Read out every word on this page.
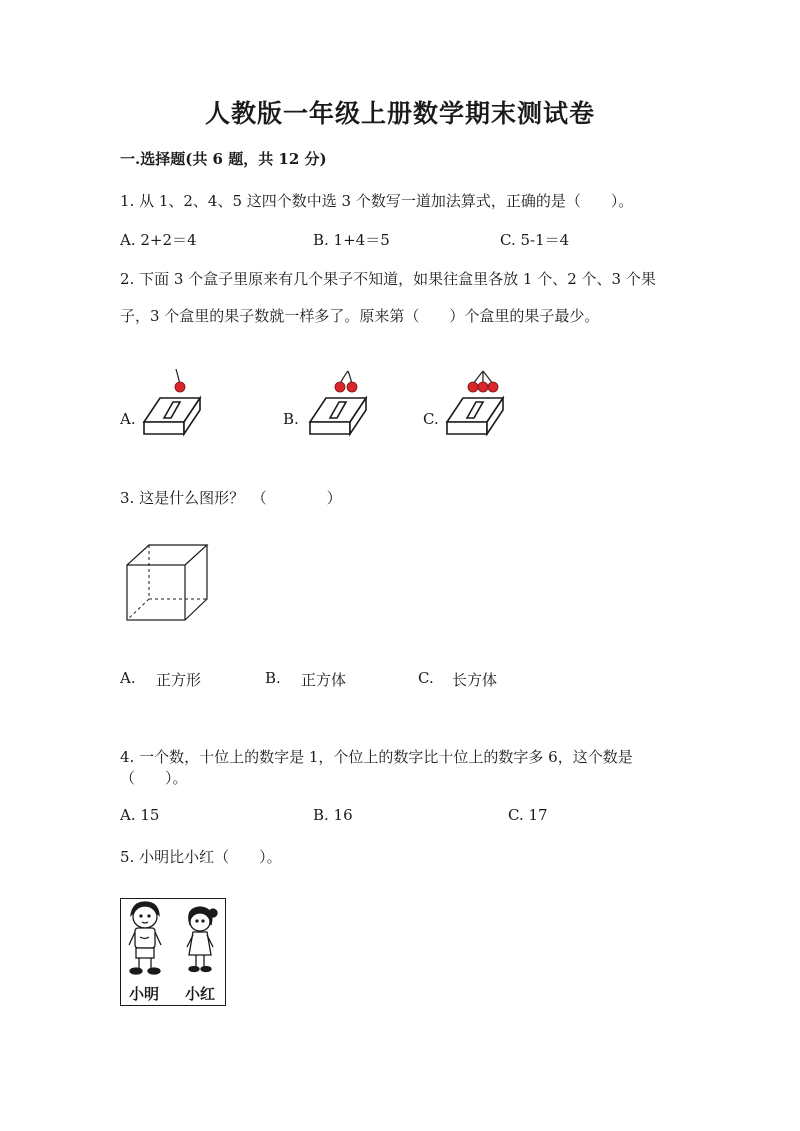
人教版一年级上册数学期末测试卷
一.选择题(共 6 题，共 12 分)
1. 从 1、2、4、5 这四个数中选 3 个数写一道加法算式，正确的是（　　）。
A. 2+2＝4	B. 1+4＝5	C. 5-1＝4
2. 下面 3 个盒子里原来有几个果子不知道，如果往盒里各放 1 个、2 个、3 个果
子，3 个盒里的果子数就一样多了。原来第（　　）个盒里的果子最少。
A.	B.	C.
3. 这是什么图形？　（　　　　）
A. 正方形	B. 正方体	C. 长方体
4. 一个数，十位上的数字是 1，个位上的数字比十位上的数字多 6，这个数是
（　　）。
A. 15	B. 16	C. 17
5. 小明比小红（　　）。
小明 小红
